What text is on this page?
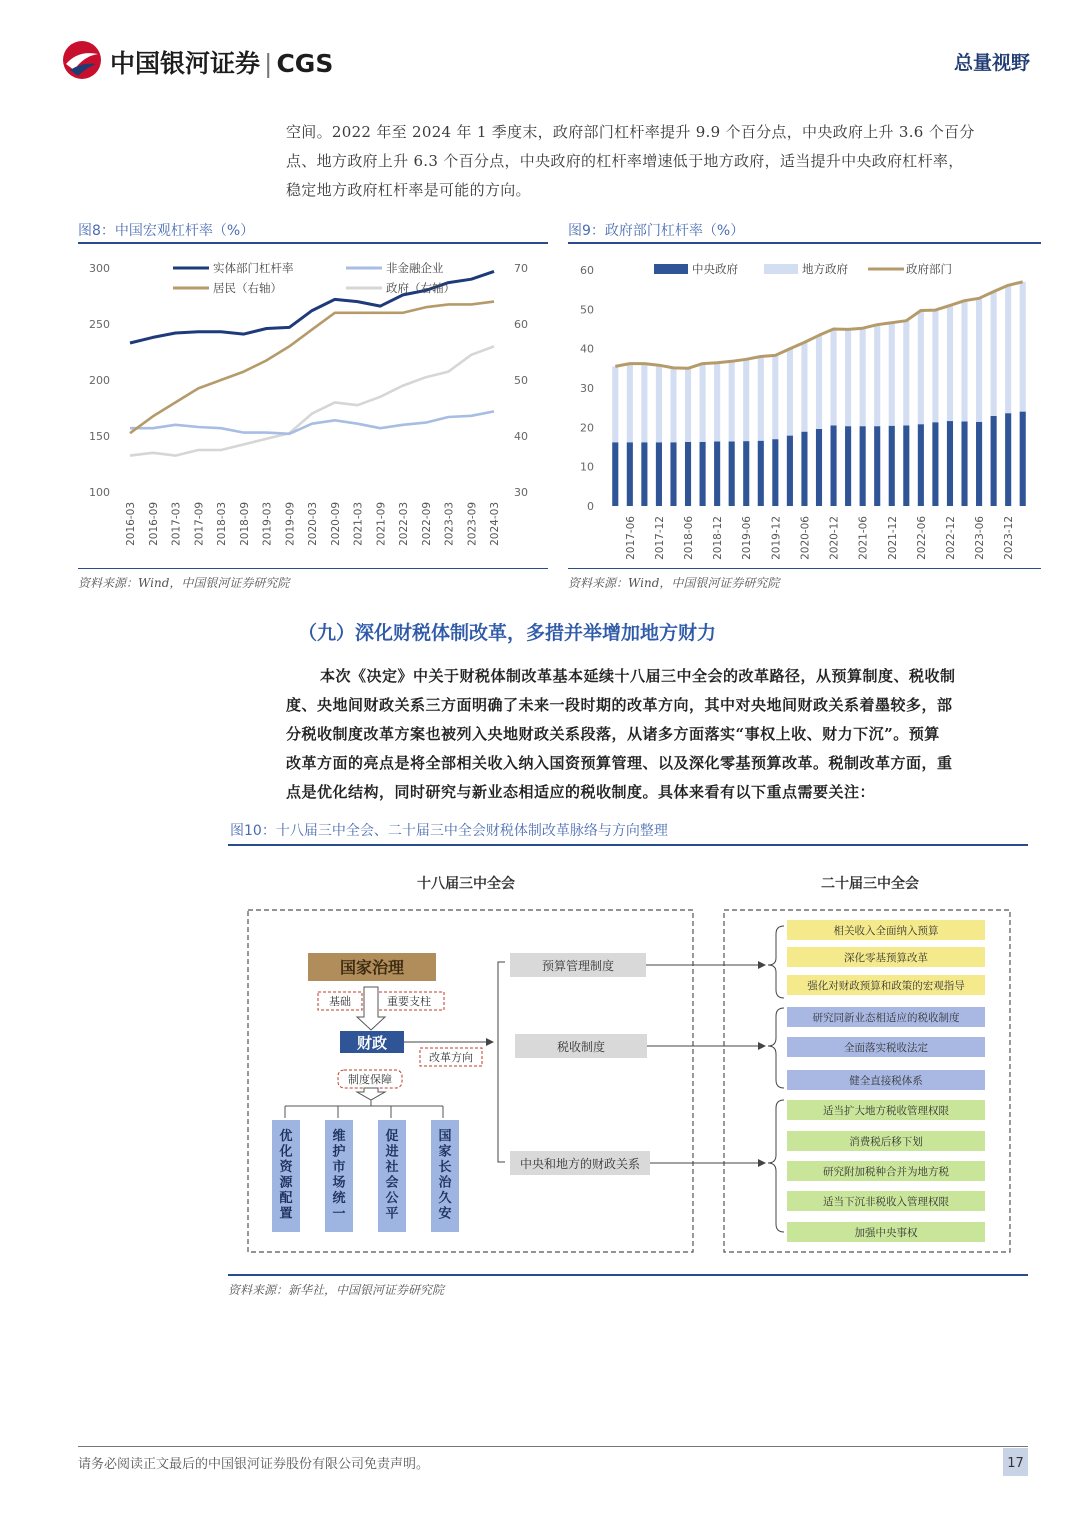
中国银河证券 | CGS	总量视野
空间。2022 年至 2024 年 1 季度末，政府部门杠杆率提升 9.9 个百分点，中央政府上升 3.6 个百分
点、地方政府上升 6.3 个百分点，中央政府的杠杆率增速低于地方政府，适当提升中央政府杠杆率，
稳定地方政府杠杆率是可能的方向。
图8：中国宏观杠杆率（%）
100
150
200
250
300
30
40
50
60
70
2016-03 2016-09 2017-03 2017-09 2018-03 2018-09 2019-03 2019-09 2020-03 2020-09 2021-03 2021-09 2022-03 2022-09 2023-03 2023-09 2024-03
实体部门杠杆率	非金融企业
居民（右轴）	政府（右轴）
资料来源：Wind，中国银河证券研究院
图9：政府部门杠杆率（%）
0
10
20
30
40
50
60
2017-06 2017-12 2018-06 2018-12 2019-06 2019-12 2020-06 2020-12 2021-06 2021-12 2022-06 2022-12 2023-06 2023-12
中央政府	地方政府	政府部门
资料来源：Wind，中国银河证券研究院
（九）深化财税体制改革，多措并举增加地方财力
本次《决定》中关于财税体制改革基本延续十八届三中全会的改革路径，从预算制度、税收制
度、央地间财政关系三方面明确了未来一段时期的改革方向，其中对央地间财政关系着墨较多，部
分税收制度改革方案也被列入央地财政关系段落，从诸多方面落实“事权上收、财力下沉”。预算
改革方面的亮点是将全部相关收入纳入国资预算管理、以及深化零基预算改革。税制改革方面，重
点是优化结构，同时研究与新业态相适应的税收制度。具体来看有以下重点需要关注：
图10：十八届三中全会、二十届三中全会财税体制改革脉络与方向整理
十八届三中全会	二十届三中全会
国家治理
基础	重要支柱
财政
改革方向
制度保障
优化资源配置
维护市场统一
促进社会公平
国家长治久安
预算管理制度
税收制度
中央和地方的财政关系
相关收入全面纳入预算
深化零基预算改革
强化对财政预算和政策的宏观指导
研究同新业态相适应的税收制度
全面落实税收法定
健全直接税体系
适当扩大地方税收管理权限
消费税后移下划
研究附加税种合并为地方税
适当下沉非税收入管理权限
加强中央事权
资料来源：新华社，中国银河证券研究院
请务必阅读正文最后的中国银河证券股份有限公司免责声明。	17
